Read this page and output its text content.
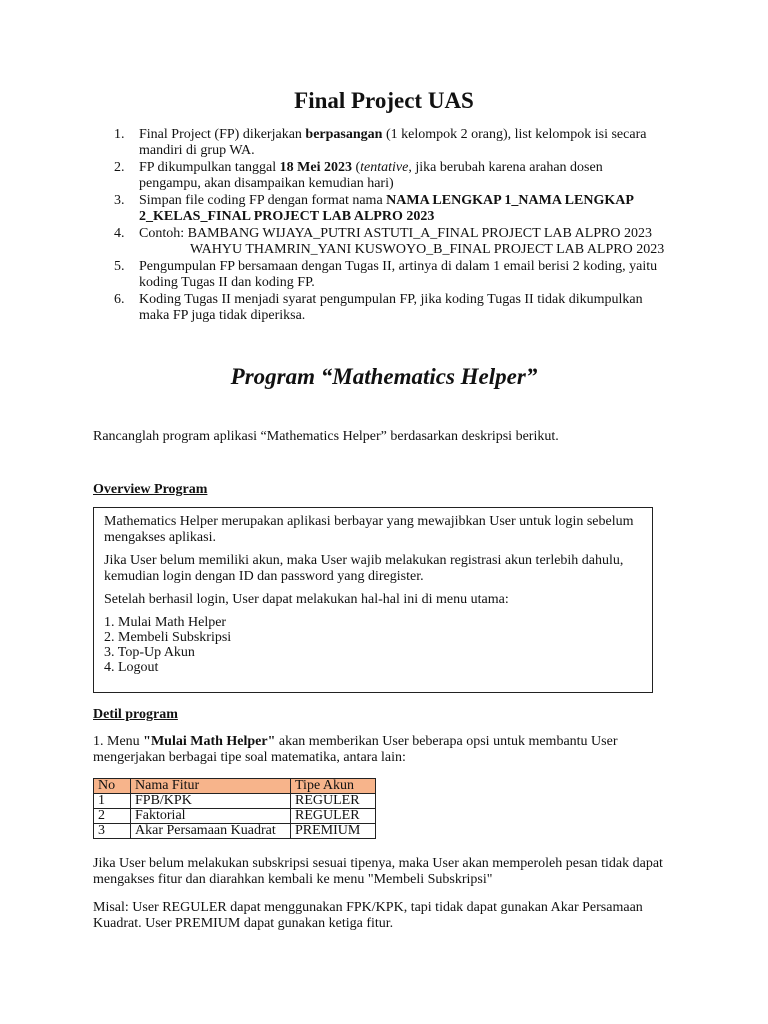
Final Project UAS
1. Final Project (FP) dikerjakan berpasangan (1 kelompok 2 orang), list kelompok isi secara
mandiri di grup WA.
2. FP dikumpulkan tanggal 18 Mei 2023 (tentative, jika berubah karena arahan dosen
pengampu, akan disampaikan kemudian hari)
3. Simpan file coding FP dengan format nama NAMA LENGKAP 1_NAMA LENGKAP
2_KELAS_FINAL PROJECT LAB ALPRO 2023
4. Contoh: BAMBANG WIJAYA_PUTRI ASTUTI_A_FINAL PROJECT LAB ALPRO 2023
WAHYU THAMRIN_YANI KUSWOYO_B_FINAL PROJECT LAB ALPRO 2023
5. Pengumpulan FP bersamaan dengan Tugas II, artinya di dalam 1 email berisi 2 koding, yaitu
koding Tugas II dan koding FP.
6. Koding Tugas II menjadi syarat pengumpulan FP, jika koding Tugas II tidak dikumpulkan
maka FP juga tidak diperiksa.
Program “Mathematics Helper”

Rancanglah program aplikasi “Mathematics Helper” berdasarkan deskripsi berikut.

Overview Program

Mathematics Helper merupakan aplikasi berbayar yang mewajibkan User untuk login sebelum mengakses aplikasi.

Jika User belum memiliki akun, maka User wajib melakukan registrasi akun terlebih dahulu, kemudian login dengan ID dan password yang diregister.

Setelah berhasil login, User dapat melakukan hal-hal ini di menu utama:

1. Mulai Math Helper
2. Membeli Subskripsi
3. Top-Up Akun
4. Logout
Detil program

1. Menu "Mulai Math Helper" akan memberikan User beberapa opsi untuk membantu User mengerjakan berbagai tipe soal matematika, antara lain:

No	Nama Fitur	Tipe Akun
1	FPB/KPK	REGULER
2	Faktorial	REGULER
3	Akar Persamaan Kuadrat	PREMIUM

Jika User belum melakukan subskripsi sesuai tipenya, maka User akan memperoleh pesan tidak dapat mengakses fitur dan diarahkan kembali ke menu "Membeli Subskripsi"

Misal: User REGULER dapat menggunakan FPK/KPK, tapi tidak dapat gunakan Akar Persamaan Kuadrat. User PREMIUM dapat gunakan ketiga fitur.
